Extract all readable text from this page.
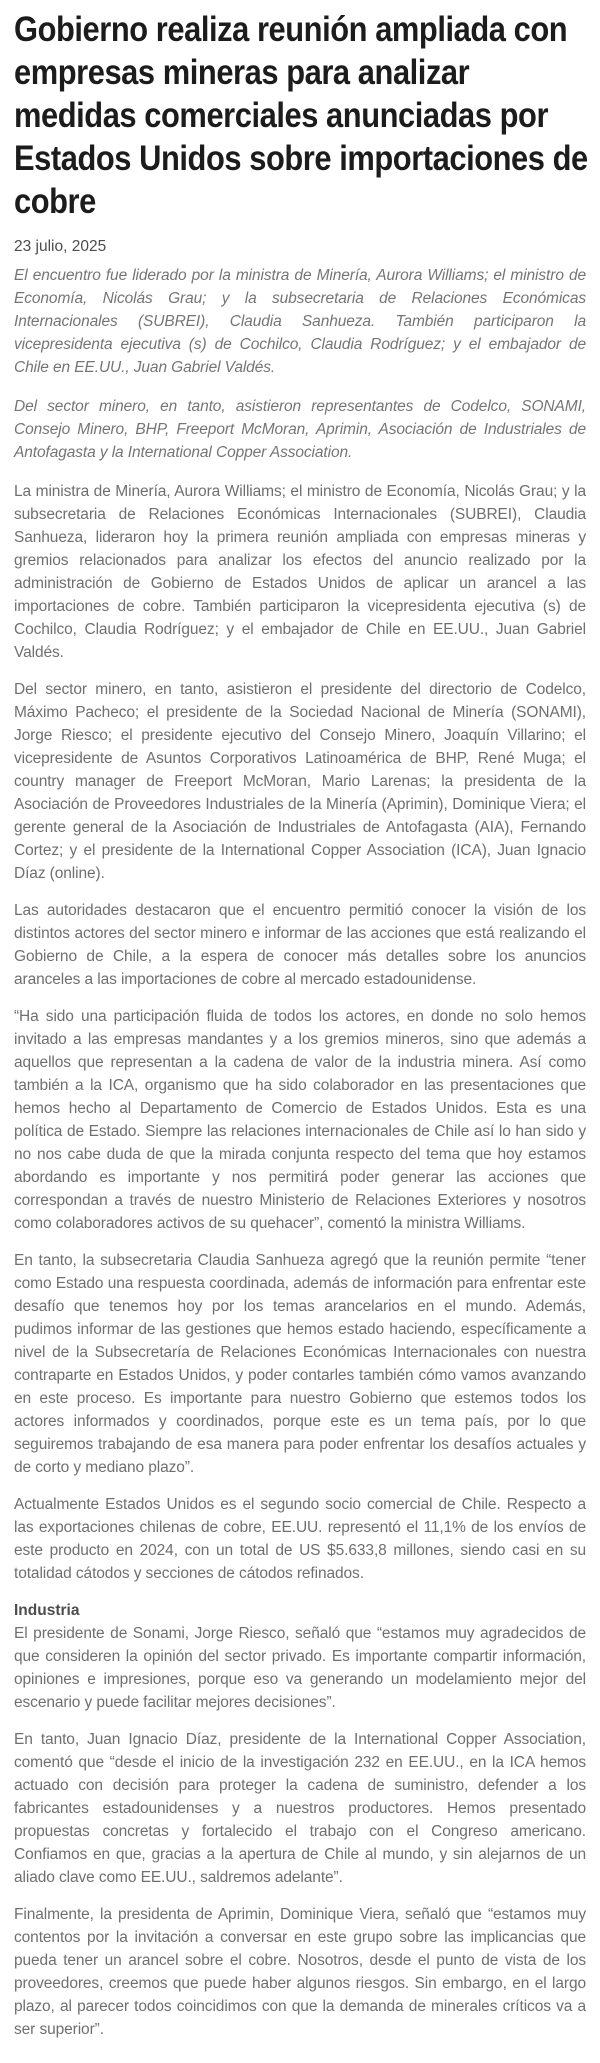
Gobierno realiza reunión ampliada con empresas mineras para analizar medidas comerciales anunciadas por Estados Unidos sobre importaciones de cobre
23 julio, 2025

El encuentro fue liderado por la ministra de Minería, Aurora Williams; el ministro de Economía, Nicolás Grau; y la subsecretaria de Relaciones Económicas Internacionales (SUBREI), Claudia Sanhueza. También participaron la vicepresidenta ejecutiva (s) de Cochilco, Claudia Rodríguez; y el embajador de Chile en EE.UU., Juan Gabriel Valdés.

Del sector minero, en tanto, asistieron representantes de Codelco, SONAMI, Consejo Minero, BHP, Freeport McMoran, Aprimin, Asociación de Industriales de Antofagasta y la International Copper Association.

La ministra de Minería, Aurora Williams; el ministro de Economía, Nicolás Grau; y la subsecretaria de Relaciones Económicas Internacionales (SUBREI), Claudia Sanhueza, lideraron hoy la primera reunión ampliada con empresas mineras y gremios relacionados para analizar los efectos del anuncio realizado por la administración de Gobierno de Estados Unidos de aplicar un arancel a las importaciones de cobre. También participaron la vicepresidenta ejecutiva (s) de Cochilco, Claudia Rodríguez; y el embajador de Chile en EE.UU., Juan Gabriel Valdés.

Del sector minero, en tanto, asistieron el presidente del directorio de Codelco, Máximo Pacheco; el presidente de la Sociedad Nacional de Minería (SONAMI), Jorge Riesco; el presidente ejecutivo del Consejo Minero, Joaquín Villarino; el vicepresidente de Asuntos Corporativos Latinoamérica de BHP, René Muga; el country manager de Freeport McMoran, Mario Larenas; la presidenta de la Asociación de Proveedores Industriales de la Minería (Aprimin), Dominique Viera; el gerente general de la Asociación de Industriales de Antofagasta (AIA), Fernando Cortez; y el presidente de la International Copper Association (ICA), Juan Ignacio Díaz (online).

Las autoridades destacaron que el encuentro permitió conocer la visión de los distintos actores del sector minero e informar de las acciones que está realizando el Gobierno de Chile, a la espera de conocer más detalles sobre los anuncios aranceles a las importaciones de cobre al mercado estadounidense.

“Ha sido una participación fluida de todos los actores, en donde no solo hemos invitado a las empresas mandantes y a los gremios mineros, sino que además a aquellos que representan a la cadena de valor de la industria minera. Así como también a la ICA, organismo que ha sido colaborador en las presentaciones que hemos hecho al Departamento de Comercio de Estados Unidos. Esta es una política de Estado. Siempre las relaciones internacionales de Chile así lo han sido y no nos cabe duda de que la mirada conjunta respecto del tema que hoy estamos abordando es importante y nos permitirá poder generar las acciones que correspondan a través de nuestro Ministerio de Relaciones Exteriores y nosotros como colaboradores activos de su quehacer”, comentó la ministra Williams.

En tanto, la subsecretaria Claudia Sanhueza agregó que la reunión permite “tener como Estado una respuesta coordinada, además de información para enfrentar este desafío que tenemos hoy por los temas arancelarios en el mundo. Además, pudimos informar de las gestiones que hemos estado haciendo, específicamente a nivel de la Subsecretaría de Relaciones Económicas Internacionales con nuestra contraparte en Estados Unidos, y poder contarles también cómo vamos avanzando en este proceso. Es importante para nuestro Gobierno que estemos todos los actores informados y coordinados, porque este es un tema país, por lo que seguiremos trabajando de esa manera para poder enfrentar los desafíos actuales y de corto y mediano plazo”.

Actualmente Estados Unidos es el segundo socio comercial de Chile. Respecto a las exportaciones chilenas de cobre, EE.UU. representó el 11,1% de los envíos de este producto en 2024, con un total de US $5.633,8 millones, siendo casi en su totalidad cátodos y secciones de cátodos refinados.

Industria

El presidente de Sonami, Jorge Riesco, señaló que “estamos muy agradecidos de que consideren la opinión del sector privado. Es importante compartir información, opiniones e impresiones, porque eso va generando un modelamiento mejor del escenario y puede facilitar mejores decisiones”.

En tanto, Juan Ignacio Díaz, presidente de la International Copper Association, comentó que “desde el inicio de la investigación 232 en EE.UU., en la ICA hemos actuado con decisión para proteger la cadena de suministro, defender a los fabricantes estadounidenses y a nuestros productores. Hemos presentado propuestas concretas y fortalecido el trabajo con el Congreso americano. Confiamos en que, gracias a la apertura de Chile al mundo, y sin alejarnos de un aliado clave como EE.UU., saldremos adelante”.

Finalmente, la presidenta de Aprimin, Dominique Viera, señaló que “estamos muy contentos por la invitación a conversar en este grupo sobre las implicancias que pueda tener un arancel sobre el cobre. Nosotros, desde el punto de vista de los proveedores, creemos que puede haber algunos riesgos. Sin embargo, en el largo plazo, al parecer todos coincidimos con que la demanda de minerales críticos va a ser superior”.
